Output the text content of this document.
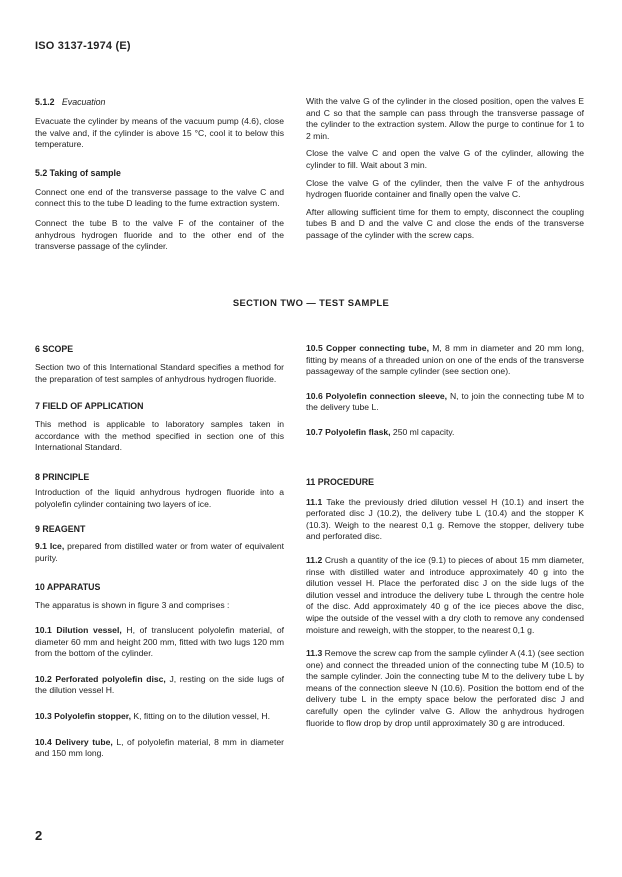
ISO 3137-1974 (E)

5.1.2 Evacuation

Evacuate the cylinder by means of the vacuum pump (4.6), close the valve and, if the cylinder is above 15 °C, cool it to below this temperature.

5.2 Taking of sample

Connect one end of the transverse passage to the valve C and connect this to the tube D leading to the fume extraction system.

Connect the tube B to the valve F of the container of the anhydrous hydrogen fluoride and to the other end of the transverse passage of the cylinder.

With the valve G of the cylinder in the closed position, open the valves E and C so that the sample can pass through the transverse passage of the cylinder to the extraction system. Allow the purge to continue for 1 to 2 min.

Close the valve C and open the valve G of the cylinder, allowing the cylinder to fill. Wait about 3 min.

Close the valve G of the cylinder, then the valve F of the anhydrous hydrogen fluoride container and finally open the valve C.

After allowing sufficient time for them to empty, disconnect the coupling tubes B and D and the valve C and close the ends of the transverse passage of the cylinder with the screw caps.

SECTION TWO — TEST SAMPLE

6 SCOPE

Section two of this International Standard specifies a method for the preparation of test samples of anhydrous hydrogen fluoride.

7 FIELD OF APPLICATION

This method is applicable to laboratory samples taken in accordance with the method specified in section one of this International Standard.

8 PRINCIPLE

Introduction of the liquid anhydrous hydrogen fluoride into a polyolefin cylinder containing two layers of ice.

9 REAGENT

9.1 Ice, prepared from distilled water or from water of equivalent purity.

10 APPARATUS

The apparatus is shown in figure 3 and comprises :

10.1 Dilution vessel, H, of translucent polyolefin material, of diameter 60 mm and height 200 mm, fitted with two lugs 120 mm from the bottom of the cylinder.

10.2 Perforated polyolefin disc, J, resting on the side lugs of the dilution vessel H.

10.3 Polyolefin stopper, K, fitting on to the dilution vessel, H.

10.4 Delivery tube, L, of polyolefin material, 8 mm in diameter and 150 mm long.

10.5 Copper connecting tube, M, 8 mm in diameter and 20 mm long, fitting by means of a threaded union on one of the ends of the transverse passageway of the sample cylinder (see section one).

10.6 Polyolefin connection sleeve, N, to join the connecting tube M to the delivery tube L.

10.7 Polyolefin flask, 250 ml capacity.

11 PROCEDURE

11.1 Take the previously dried dilution vessel H (10.1) and insert the perforated disc J (10.2), the delivery tube L (10.4) and the stopper K (10.3). Weigh to the nearest 0,1 g. Remove the stopper, delivery tube and perforated disc.

11.2 Crush a quantity of the ice (9.1) to pieces of about 15 mm diameter, rinse with distilled water and introduce approximately 40 g into the dilution vessel H. Place the perforated disc J on the side lugs of the dilution vessel and introduce the delivery tube L through the centre hole of the disc. Add approximately 40 g of the ice pieces above the disc, wipe the outside of the vessel with a dry cloth to remove any condensed moisture and reweigh, with the stopper, to the nearest 0,1 g.

11.3 Remove the screw cap from the sample cylinder A (4.1) (see section one) and connect the threaded union of the connecting tube M (10.5) to the sample cylinder. Join the connecting tube M to the delivery tube L by means of the connection sleeve N (10.6). Position the bottom end of the delivery tube L in the empty space below the perforated disc J and carefully open the cylinder valve G. Allow the anhydrous hydrogen fluoride to flow drop by drop until approximately 30 g are introduced.

2
